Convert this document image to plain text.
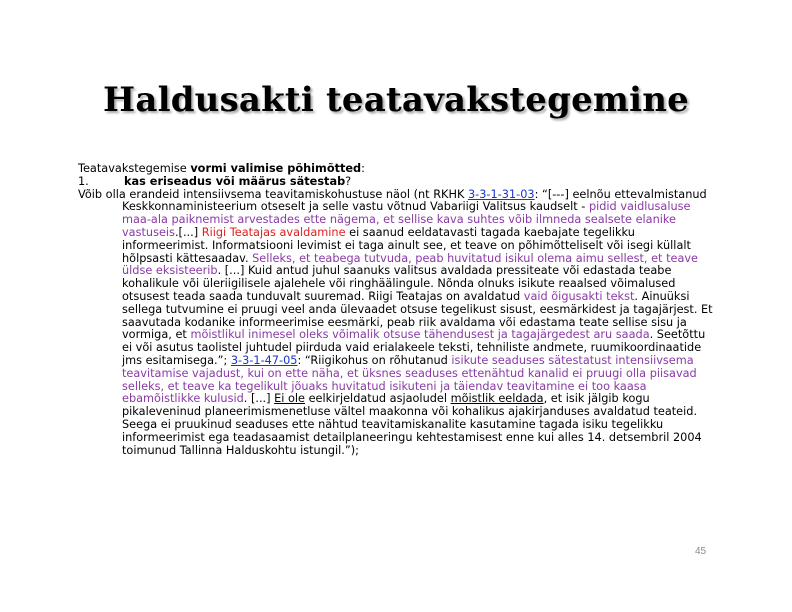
Haldusakti teatavakstegemine

Teatavakstegemise vormi valimise põhimõtted:

1.	kas eriseadus või määrus sätestab?

Võib olla erandeid intensiivsema teavitamiskohustuse näol (nt RKHK 3-3-1-31-03: “[---] eelnõu ettevalmistanud Keskkonnaministeerium otseselt ja selle vastu võtnud Vabariigi Valitsus kaudselt - pidid vaidlusaluse maa-ala paiknemist arvestades ette nägema, et sellise kava suhtes võib ilmneda sealsete elanike vastuseis.[...] Riigi Teatajas avaldamine ei saanud eeldatavasti tagada kaebajate tegelikku informeerimist. Informatsiooni levimist ei taga ainult see, et teave on põhimõtteliselt või isegi küllalt hõlpsasti kättesaadav. Selleks, et teabega tutvuda, peab huvitatud isikul olema aimu sellest, et teave üldse eksisteerib. [...] Kuid antud juhul saanuks valitsus avaldada pressiteate või edastada teabe kohalikule või üleriigilisele ajalehele või ringhäälingule. Nõnda olnuks isikute reaalsed võimalused otsusest teada saada tunduvalt suuremad. Riigi Teatajas on avaldatud vaid õigusakti tekst. Ainuüksi sellega tutvumine ei pruugi veel anda ülevaadet otsuse tegelikust sisust, eesmärkidest ja tagajärjest. Et saavutada kodanike informeerimise eesmärki, peab riik avaldama või edastama teate sellise sisu ja vormiga, et mõistlikul inimesel oleks võimalik otsuse tähendusest ja tagajärgedest aru saada. Seetõttu ei või asutus taolistel juhtudel piirduda vaid erialakeele teksti, tehniliste andmete, ruumikoordinaatide jms esitamisega.”; 3-3-1-47-05: “Riigikohus on rõhutanud isikute seaduses sätestatust intensiivsema teavitamise vajadust, kui on ette näha, et üksnes seaduses ettenähtud kanalid ei pruugi olla piisavad selleks, et teave ka tegelikult jõuaks huvitatud isikuteni ja täiendav teavitamine ei too kaasa ebamõistlikke kulusid. [...] Ei ole eelkirjeldatud asjaoludel mõistlik eeldada, et isik jälgib kogu pikaleveninud planeerimismenetluse vältel maakonna või kohalikus ajakirjanduses avaldatud teateid. Seega ei pruukinud seaduses ette nähtud teavitamiskanalite kasutamine tagada isiku tegelikku informeerimist ega teadasaamist detailplaneeringu kehtestamisest enne kui alles 14. detsembril 2004 toimunud Tallinna Halduskohtu istungil.”);

45
